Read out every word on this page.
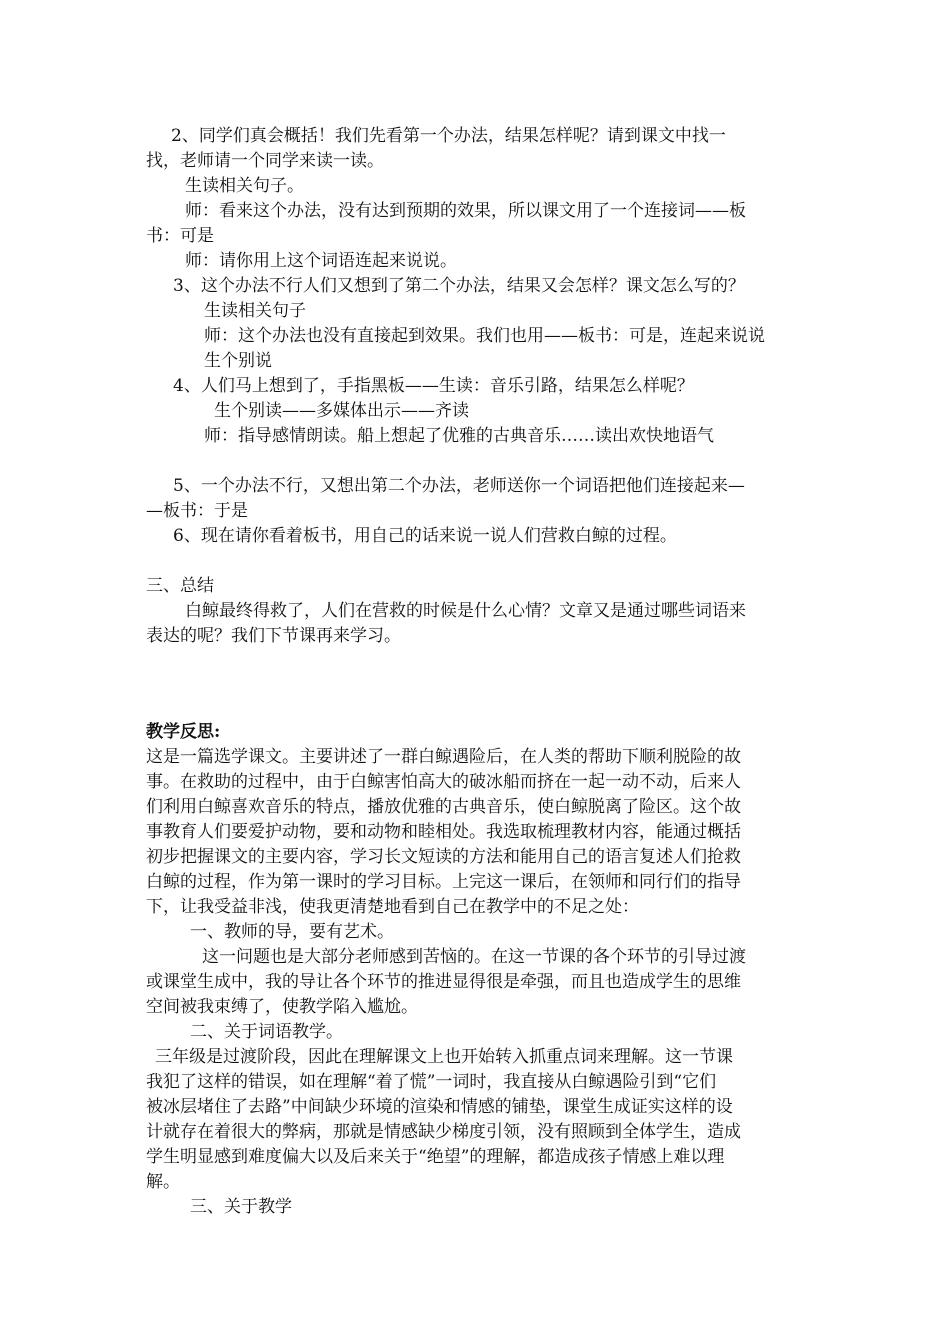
2、同学们真会概括！我们先看第一个办法，结果怎样呢？请到课文中找一
找，老师请一个同学来读一读。
生读相关句子。
师：看来这个办法，没有达到预期的效果，所以课文用了一个连接词——板
书：可是
师：请你用上这个词语连起来说说。
3、这个办法不行人们又想到了第二个办法，结果又会怎样？课文怎么写的？
生读相关句子
师：这个办法也没有直接起到效果。我们也用——板书：可是，连起来说说
生个别说
4、人们马上想到了，手指黑板——生读：音乐引路，结果怎么样呢？
生个别读——多媒体出示——齐读
师：指导感情朗读。船上想起了优雅的古典音乐……读出欢快地语气
5、一个办法不行，又想出第二个办法，老师送你一个词语把他们连接起来—
—板书：于是
6、现在请你看着板书，用自己的话来说一说人们营救白鲸的过程。
三、总结
白鲸最终得救了，人们在营救的时候是什么心情？文章又是通过哪些词语来
表达的呢？我们下节课再来学习。
教学反思:
这是一篇选学课文。主要讲述了一群白鲸遇险后，在人类的帮助下顺利脱险的故
事。在救助的过程中，由于白鲸害怕高大的破冰船而挤在一起一动不动，后来人
们利用白鲸喜欢音乐的特点，播放优雅的古典音乐，使白鲸脱离了险区。这个故
事教育人们要爱护动物，要和动物和睦相处。我选取梳理教材内容，能通过概括
初步把握课文的主要内容，学习长文短读的方法和能用自己的语言复述人们抢救
白鲸的过程，作为第一课时的学习目标。上完这一课后，在领师和同行们的指导
下，让我受益非浅，使我更清楚地看到自己在教学中的不足之处：
一、教师的导，要有艺术。
这一问题也是大部分老师感到苦恼的。在这一节课的各个环节的引导过渡
或课堂生成中，我的导让各个环节的推进显得很是牵强，而且也造成学生的思维
空间被我束缚了，使教学陷入尴尬。
二、关于词语教学。
三年级是过渡阶段，因此在理解课文上也开始转入抓重点词来理解。这一节课
我犯了这样的错误，如在理解“着了慌”一词时，我直接从白鲸遇险引到“它们
被冰层堵住了去路”中间缺少环境的渲染和情感的铺垫，课堂生成证实这样的设
计就存在着很大的弊病，那就是情感缺少梯度引领，没有照顾到全体学生，造成
学生明显感到难度偏大以及后来关于“绝望”的理解，都造成孩子情感上难以理
解。
三、关于教学
